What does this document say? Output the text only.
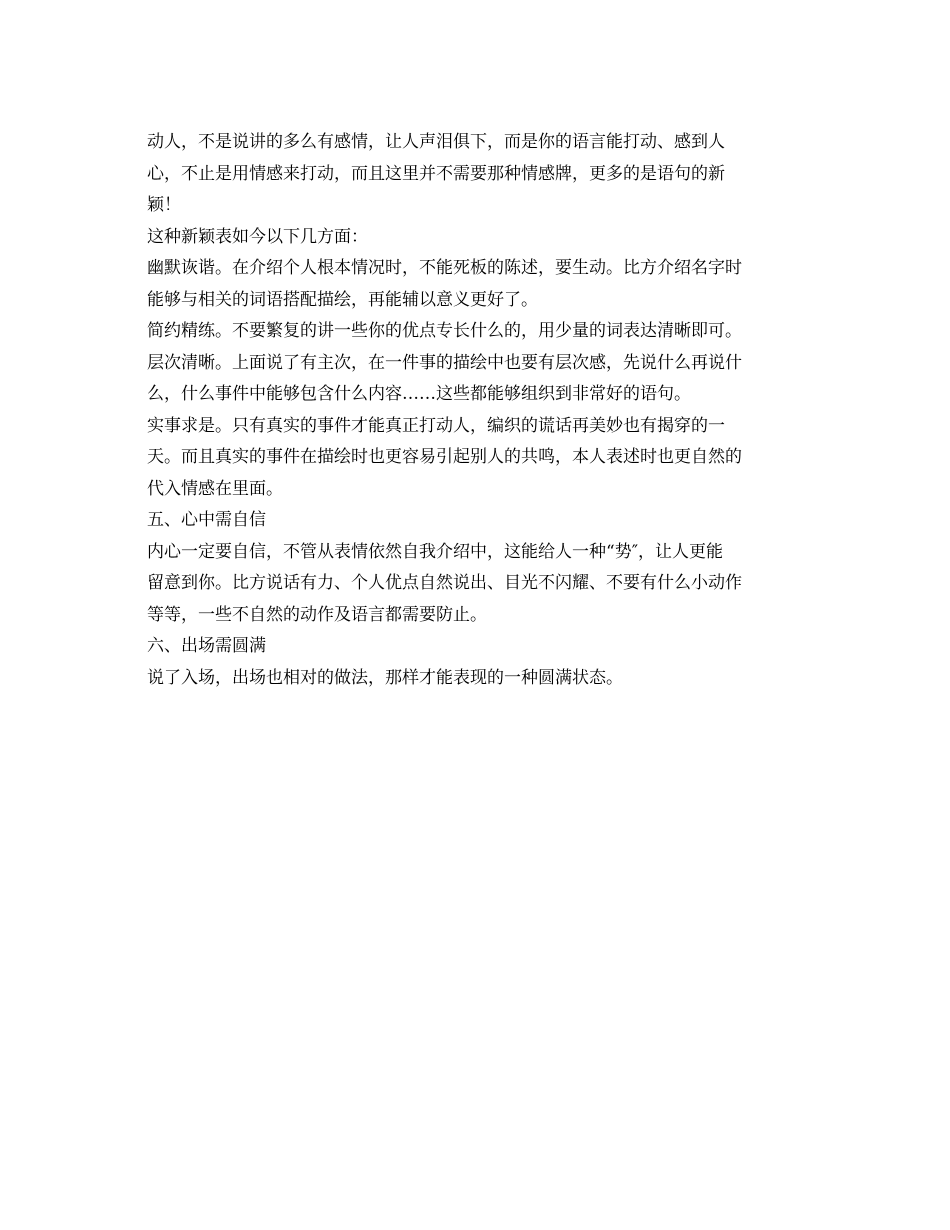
动人，不是说讲的多么有感情，让人声泪俱下，而是你的语言能打动、感到人
心，不止是用情感来打动，而且这里并不需要那种情感牌，更多的是语句的新
颖！

这种新颖表如今以下几方面：

幽默诙谐。在介绍个人根本情况时，不能死板的陈述，要生动。比方介绍名字时
能够与相关的词语搭配描绘，再能辅以意义更好了。

简约精练。不要繁复的讲一些你的优点专长什么的，用少量的词表达清晰即可。

层次清晰。上面说了有主次，在一件事的描绘中也要有层次感，先说什么再说什
么，什么事件中能够包含什么内容……这些都能够组织到非常好的语句。

实事求是。只有真实的事件才能真正打动人，编织的谎话再美妙也有揭穿的一
天。而且真实的事件在描绘时也更容易引起别人的共鸣，本人表述时也更自然的
代入情感在里面。

五、心中需自信

内心一定要自信，不管从表情依然自我介绍中，这能给人一种“势″，让人更能
留意到你。比方说话有力、个人优点自然说出、目光不闪耀、不要有什么小动作
等等，一些不自然的动作及语言都需要防止。

六、出场需圆满

说了入场，出场也相对的做法，那样才能表现的一种圆满状态。
